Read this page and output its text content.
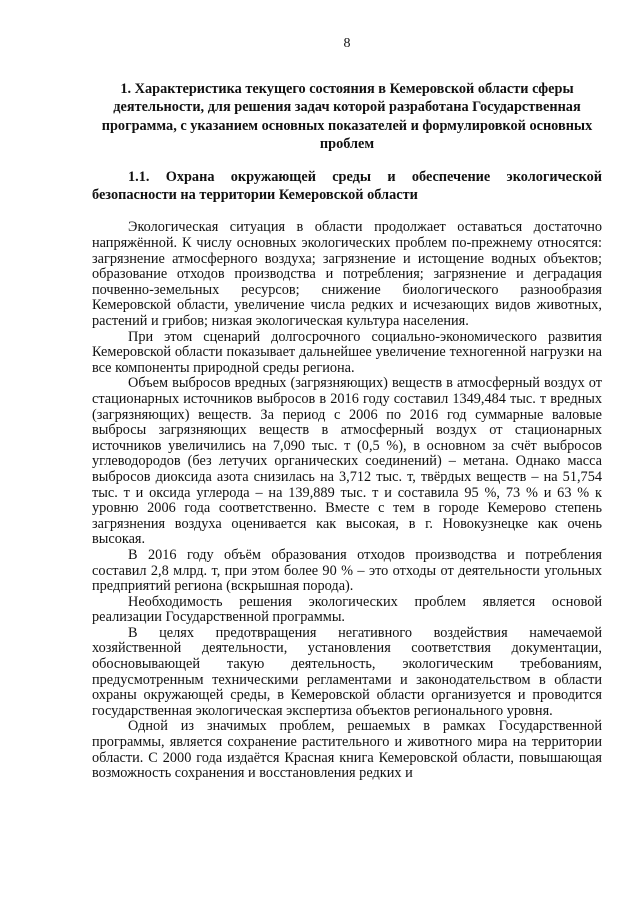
8
1. Характеристика текущего состояния в Кемеровской области сферы деятельности, для решения задач которой разработана Государственная программа, с указанием основных показателей и формулировкой основных проблем
1.1. Охрана окружающей среды и обеспечение экологической безопасности на территории Кемеровской области

Экологическая ситуация в области продолжает оставаться достаточно напряжённой. К числу основных экологических проблем по-прежнему относятся: загрязнение атмосферного воздуха; загрязнение и истощение водных объектов; образование отходов производства и потребления; загрязнение и деградация почвенно-земельных ресурсов; снижение биологического разнообразия Кемеровской области, увеличение числа редких и исчезающих видов животных, растений и грибов; низкая экологическая культура населения.

При этом сценарий долгосрочного социально-экономического развития Кемеровской области показывает дальнейшее увеличение техногенной нагрузки на все компоненты природной среды региона.

Объем выбросов вредных (загрязняющих) веществ в атмосферный воздух от стационарных источников выбросов в 2016 году составил 1349,484 тыс. т вредных (загрязняющих) веществ. За период с 2006 по 2016 год суммарные валовые выбросы загрязняющих веществ в атмосферный воздух от стационарных источников увеличились на 7,090 тыс. т (0,5 %), в основном за счёт выбросов углеводородов (без летучих органических соединений) – метана. Однако масса выбросов диоксида азота снизилась на 3,712 тыс. т, твёрдых веществ – на 51,754 тыс. т и оксида углерода – на 139,889 тыс. т и составила 95 %, 73 % и 63 % к уровню 2006 года соответственно. Вместе с тем в городе Кемерово степень загрязнения воздуха оценивается как высокая, в г. Новокузнецке как очень высокая.

В 2016 году объём образования отходов производства и потребления составил 2,8 млрд. т, при этом более 90 % – это отходы от деятельности угольных предприятий региона (вскрышная порода).

Необходимость решения экологических проблем является основой реализации Государственной программы.

В целях предотвращения негативного воздействия намечаемой хозяйственной деятельности, установления соответствия документации, обосновывающей такую деятельность, экологическим требованиям, предусмотренным техническими регламентами и законодательством в области охраны окружающей среды, в Кемеровской области организуется и проводится государственная экологическая экспертиза объектов регионального уровня.

Одной из значимых проблем, решаемых в рамках Государственной программы, является сохранение растительного и животного мира на территории области. С 2000 года издаётся Красная книга Кемеровской области, повышающая возможность сохранения и восстановления редких и
